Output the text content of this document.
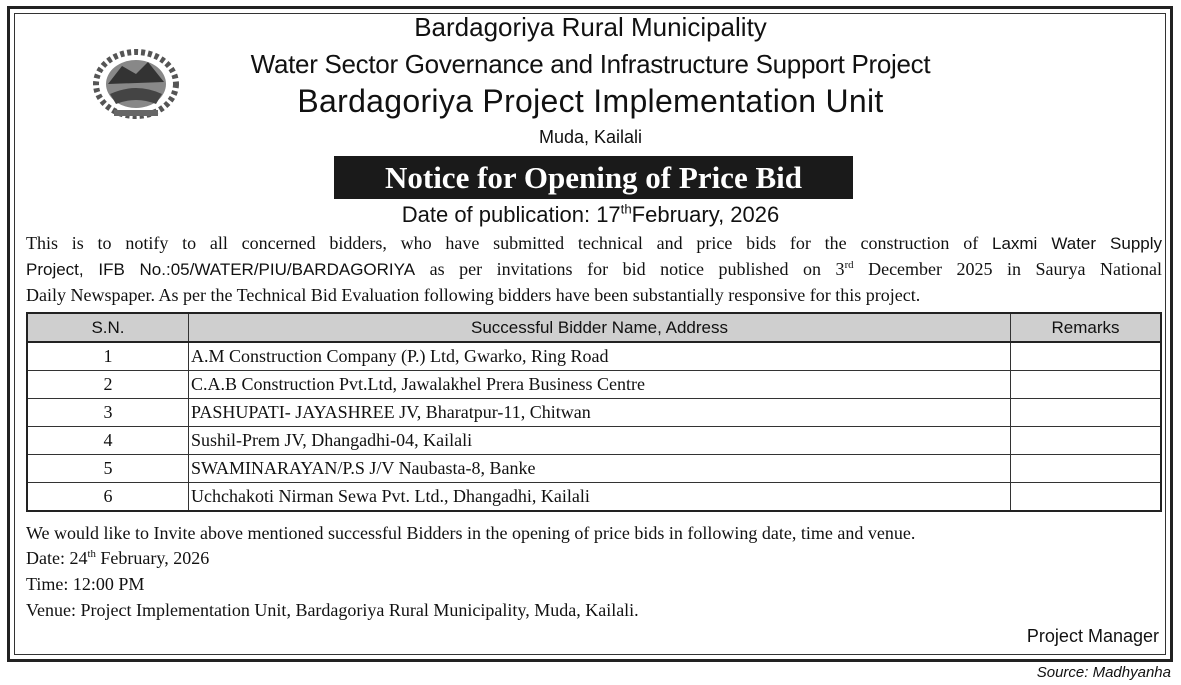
Bardagoriya Rural Municipality
Water Sector Governance and Infrastructure Support Project
Bardagoriya Project Implementation Unit
Muda, Kailali
Notice for Opening of Price Bid
Date of publication: 17thFebruary, 2026
This is to notify to all concerned bidders, who have submitted technical and price bids for the construction of Laxmi Water Supply
Project, IFB No.:05/WATER/PIU/BARDAGORIYA as per invitations for bid notice published on 3rd December 2025 in Saurya National
Daily Newspaper. As per the Technical Bid Evaluation following bidders have been substantially responsive for this project.
S.N.	Successful Bidder Name, Address	Remarks
1	A.M Construction Company (P.) Ltd, Gwarko, Ring Road	
2	C.A.B Construction Pvt.Ltd, Jawalakhel Prera Business Centre	
3	PASHUPATI- JAYASHREE JV, Bharatpur-11, Chitwan	
4	Sushil-Prem JV, Dhangadhi-04, Kailali	
5	SWAMINARAYAN/P.S J/V Naubasta-8, Banke	
6	Uchchakoti Nirman Sewa Pvt. Ltd., Dhangadhi, Kailali	
We would like to Invite above mentioned successful Bidders in the opening of price bids in following date, time and venue.
Date: 24th February, 2026
Time: 12:00 PM
Venue: Project Implementation Unit, Bardagoriya Rural Municipality, Muda, Kailali.
Project Manager
Source: Madhyanha
